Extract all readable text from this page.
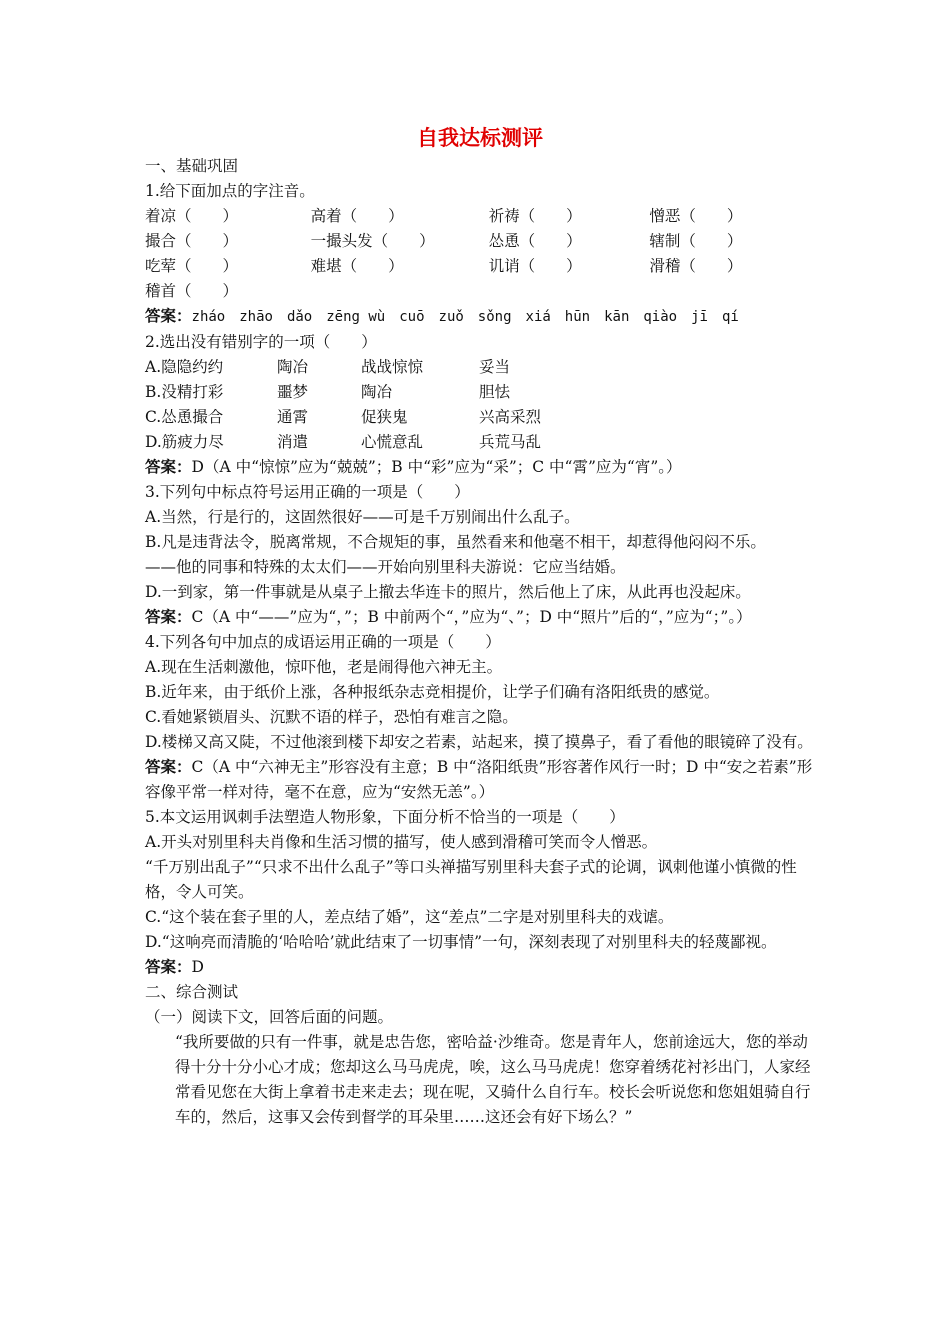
自我达标测评
一、基础巩固
1.给下面加点的字注音。
着凉（　　）	高着（　　）	祈祷（　　）	憎恶（　　）
撮合（　　）	一撮头发（　　）	怂恿（　　）	辖制（　　）
吃荤（　　）	难堪（　　）	讥诮（　　）	滑稽（　　）
稽首（　　）
答案：zháo　zhāo　dǎo　zēng wù　cuō　zuǒ　sǒng　xiá　hūn　kān　qiào　jī　qí
2.选出没有错别字的一项（　　）
A.隐隐约约	陶冶	战战惊惊	妥当
B.没精打彩	噩梦	陶冶	胆怯
C.怂恿撮合	通霄	促狭鬼	兴高采烈
D.筋疲力尽	消遣	心慌意乱	兵荒马乱
答案：D（A 中“惊惊”应为“兢兢”；B 中“彩”应为“采”；C 中“霄”应为“宵”。）
3.下列句中标点符号运用正确的一项是（　　）
A.当然，行是行的，这固然很好——可是千万别闹出什么乱子。
B.凡是违背法令，脱离常规，不合规矩的事，虽然看来和他毫不相干，却惹得他闷闷不乐。
——他的同事和特殊的太太们——开始向别里科夫游说：它应当结婚。
D.一到家，第一件事就是从桌子上撤去华连卡的照片，然后他上了床，从此再也没起床。
答案：C（A 中“——”应为“，”；B 中前两个“，”应为“、”；D 中“照片”后的“，”应为“；”。）
4.下列各句中加点的成语运用正确的一项是（　　）
A.现在生活刺激他，惊吓他，老是闹得他六神无主。
B.近年来，由于纸价上涨，各种报纸杂志竞相提价，让学子们确有洛阳纸贵的感觉。
C.看她紧锁眉头、沉默不语的样子，恐怕有难言之隐。
D.楼梯又高又陡，不过他滚到楼下却安之若素，站起来，摸了摸鼻子，看了看他的眼镜碎了没有。
答案：C（A 中“六神无主”形容没有主意；B 中“洛阳纸贵”形容著作风行一时；D 中“安之若素”形容像平常一样对待，毫不在意，应为“安然无恙”。）
5.本文运用讽刺手法塑造人物形象，下面分析不恰当的一项是（　　）
A.开头对别里科夫肖像和生活习惯的描写，使人感到滑稽可笑而令人憎恶。
“千万别出乱子”“只求不出什么乱子”等口头禅描写别里科夫套子式的论调，讽刺他谨小慎微的性格，令人可笑。
C.“这个装在套子里的人，差点结了婚”，这“差点”二字是对别里科夫的戏谑。
D.“这响亮而清脆的‘哈哈哈’就此结束了一切事情”一句，深刻表现了对别里科夫的轻蔑鄙视。
答案：D
二、综合测试
（一）阅读下文，回答后面的问题。
“我所要做的只有一件事，就是忠告您，密哈益·沙维奇。您是青年人，您前途远大，您的举动得十分十分小心才成；您却这么马马虎虎，唉，这么马马虎虎！您穿着绣花衬衫出门，人家经常看见您在大街上拿着书走来走去；现在呢，又骑什么自行车。校长会听说您和您姐姐骑自行车的，然后，这事又会传到督学的耳朵里……这还会有好下场么？”
